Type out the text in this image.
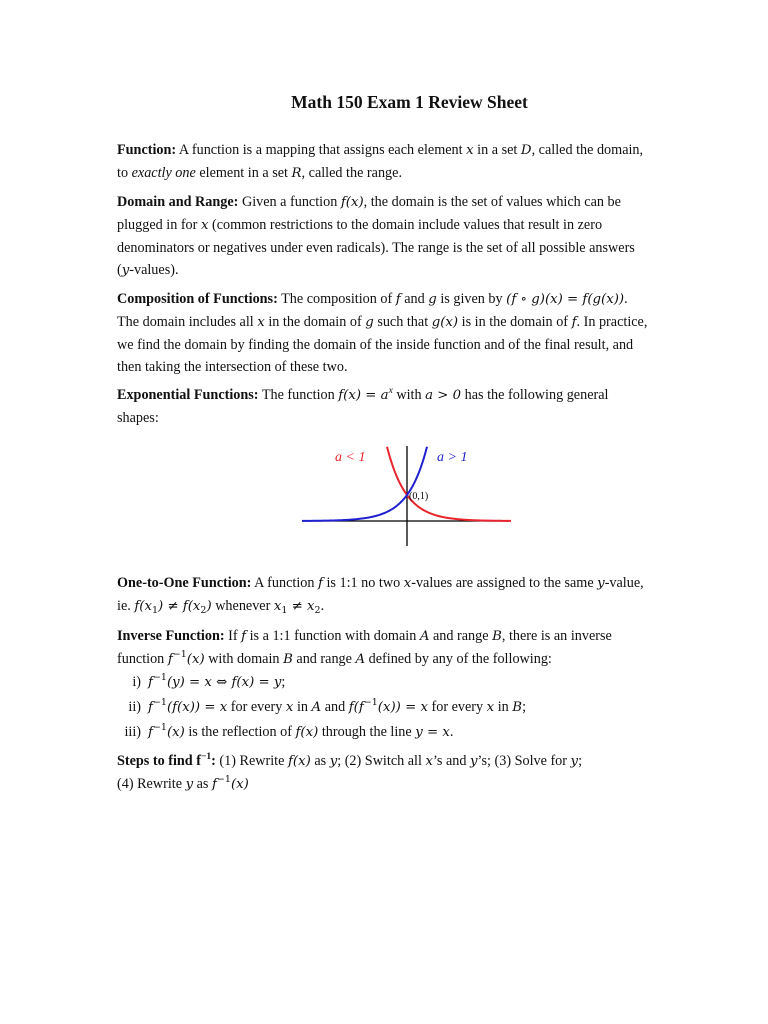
Math 150 Exam 1 Review Sheet
Function: A function is a mapping that assigns each element x in a set D, called the domain,
to exactly one element in a set R, called the range.
Domain and Range: Given a function f(x), the domain is the set of values which can be
plugged in for x (common restrictions to the domain include values that result in zero
denominators or negatives under even radicals). The range is the set of all possible answers
(y-values).
Composition of Functions: The composition of f and g is given by (f ∘ g)(x) = f(g(x)).
The domain includes all x in the domain of g such that g(x) is in the domain of f. In practice,
we find the domain by finding the domain of the inside function and of the final result, and
then taking the intersection of these two.
Exponential Functions: The function $f(x) = a^x$ with a > 0 has the following general
shapes:
a < 1	a > 1
(0,1)
One-to-One Function: A function f is 1:1 no two x-values are assigned to the same y-value,
ie. $f(x_1) \ne f(x_2)$ whenever $x_1 \ne x_2$.
Inverse Function: If f is a 1:1 function with domain A and range B, there is an inverse
function $f^{-1}(x)$ with domain B and range A defined by any of the following:
i) $f^{-1}(y) = x$ ⇔ f(x) = y;
ii) $f^{-1}(f(x)) = x$ for every x in A and $f(f^{-1}(x)) = x$ for every x in B;
iii) $f^{-1}(x)$ is the reflection of f(x) through the line y = x.
Steps to find $f^{-1}$: (1) Rewrite f(x) as y; (2) Switch all x’s and y’s; (3) Solve for y;
(4) Rewrite y as $f^{-1}(x)$
